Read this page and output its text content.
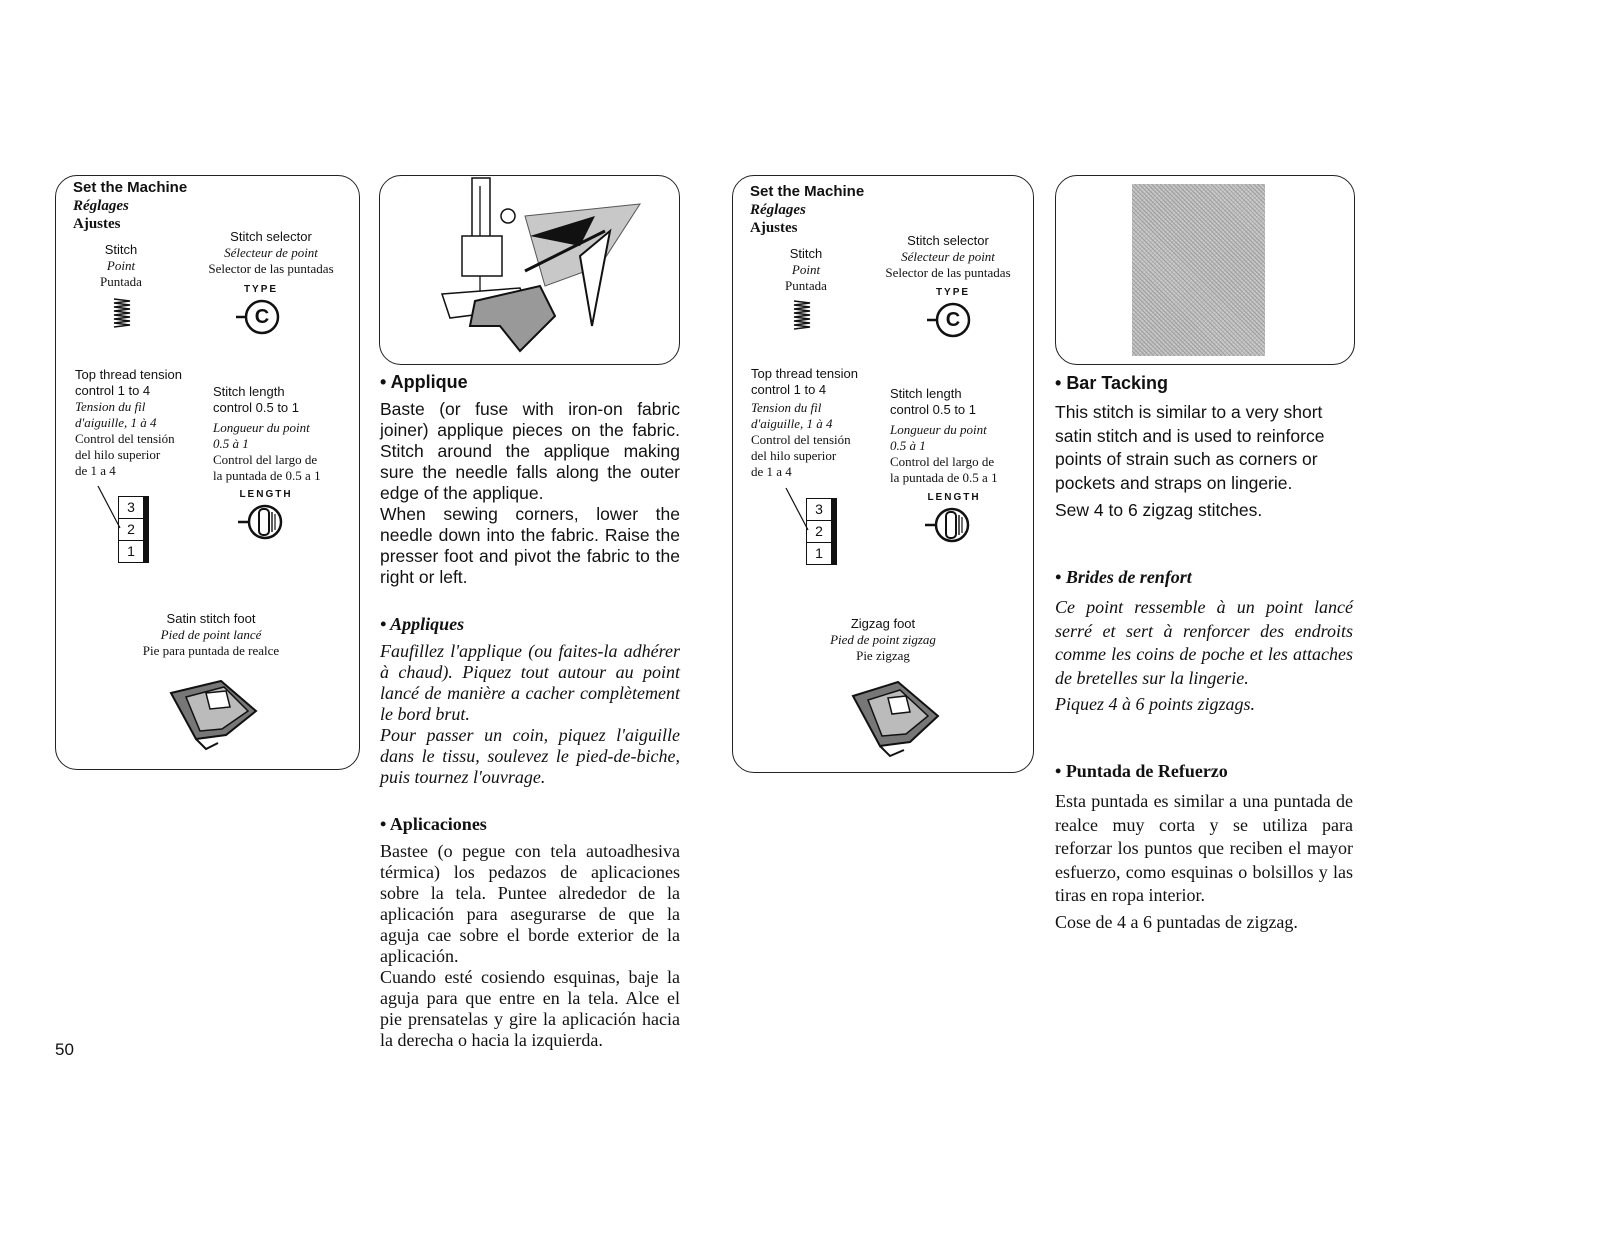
Set the Machine
Réglages
Ajustes
Stitch
Point
Puntada
Stitch selector
Sélecteur de point
Selector de las puntadas
TYPE
C
Top thread tension
control 1 to 4
Tension du fil
d'aiguille, 1 à 4
Control del tensión
del hilo superior
de 1 a 4
Stitch length
control 0.5 to 1
Longueur du point
0.5 à 1
Control del largo de
la puntada de 0.5 a 1
3
2
1
LENGTH
Satin stitch foot
Pied de point lancé
Pie para puntada de realce
• Applique
Baste (or fuse with iron-on fabric joiner) applique pieces on the fabric. Stitch around the applique making sure the needle falls along the outer edge of the applique.
When sewing corners, lower the needle down into the fabric. Raise the presser foot and pivot the fabric to the right or left.
• Appliques
Faufillez l'applique (ou faites-la adhérer à chaud). Piquez tout autour au point lancé de manière a cacher complètement le bord brut.
Pour passer un coin, piquez l'aiguille dans le tissu, soulevez le pied-de-biche, puis tournez l'ouvrage.
• Aplicaciones
Bastee (o pegue con tela autoadhesiva térmica) los pedazos de aplicaciones sobre la tela. Puntee alrededor de la aplicación para asegurarse de que la aguja cae sobre el borde exterior de la aplicación.
Cuando esté cosiendo esquinas, baje la aguja para que entre en la tela. Alce el pie prensatelas y gire la aplicación hacia la derecha o hacia la izquierda.
Set the Machine
Réglages
Ajustes
Stitch
Point
Puntada
Stitch selector
Sélecteur de point
Selector de las puntadas
TYPE
C
Top thread tension
control 1 to 4
Tension du fil
d'aiguille, 1 à 4
Control del tensión
del hilo superior
de 1 a 4
Stitch length
control 0.5 to 1
Longueur du point
0.5 à 1
Control del largo de
la puntada de 0.5 a 1
3
2
1
LENGTH
Zigzag foot
Pied de point zigzag
Pie zigzag
• Bar Tacking
This stitch is similar to a very short satin stitch and is used to reinforce points of strain such as corners or pockets and straps on lingerie.
Sew 4 to 6 zigzag stitches.
• Brides de renfort
Ce point ressemble à un point lancé serré et sert à renforcer des endroits comme les coins de poche et les attaches de bretelles sur la lingerie.
Piquez 4 à 6 points zigzags.
• Puntada de Refuerzo
Esta puntada es similar a una puntada de realce muy corta y se utiliza para reforzar los puntos que reciben el mayor esfuerzo, como esquinas o bolsillos y las tiras en ropa interior.
Cose de 4 a 6 puntadas de zigzag.
50
